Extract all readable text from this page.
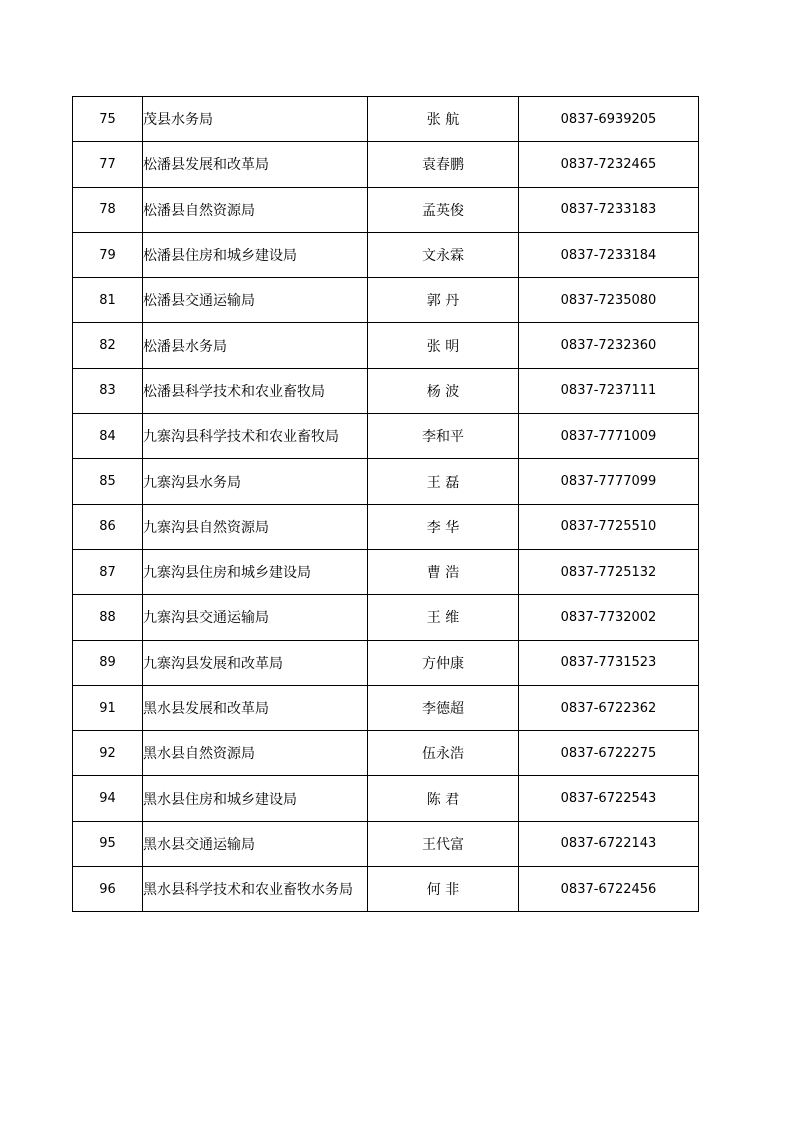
75	茂县水务局	张 航	0837-6939205
77	松潘县发展和改革局	袁春鹏	0837-7232465
78	松潘县自然资源局	孟英俊	0837-7233183
79	松潘县住房和城乡建设局	文永霖	0837-7233184
81	松潘县交通运输局	郭 丹	0837-7235080
82	松潘县水务局	张 明	0837-7232360
83	松潘县科学技术和农业畜牧局	杨 波	0837-7237111
84	九寨沟县科学技术和农业畜牧局	李和平	0837-7771009
85	九寨沟县水务局	王 磊	0837-7777099
86	九寨沟县自然资源局	李 华	0837-7725510
87	九寨沟县住房和城乡建设局	曹 浩	0837-7725132
88	九寨沟县交通运输局	王 维	0837-7732002
89	九寨沟县发展和改革局	方仲康	0837-7731523
91	黑水县发展和改革局	李德超	0837-6722362
92	黑水县自然资源局	伍永浩	0837-6722275
94	黑水县住房和城乡建设局	陈 君	0837-6722543
95	黑水县交通运输局	王代富	0837-6722143
96	黑水县科学技术和农业畜牧水务局	何 非	0837-6722456
